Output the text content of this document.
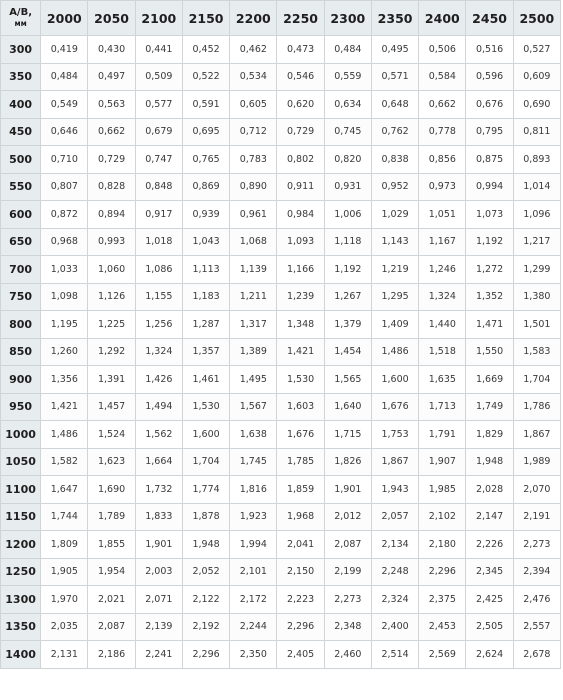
A/B,
мм	2000	2050	2100	2150	2200	2250	2300	2350	2400	2450	2500
300	0,419	0,430	0,441	0,452	0,462	0,473	0,484	0,495	0,506	0,516	0,527
350	0,484	0,497	0,509	0,522	0,534	0,546	0,559	0,571	0,584	0,596	0,609
400	0,549	0,563	0,577	0,591	0,605	0,620	0,634	0,648	0,662	0,676	0,690
450	0,646	0,662	0,679	0,695	0,712	0,729	0,745	0,762	0,778	0,795	0,811
500	0,710	0,729	0,747	0,765	0,783	0,802	0,820	0,838	0,856	0,875	0,893
550	0,807	0,828	0,848	0,869	0,890	0,911	0,931	0,952	0,973	0,994	1,014
600	0,872	0,894	0,917	0,939	0,961	0,984	1,006	1,029	1,051	1,073	1,096
650	0,968	0,993	1,018	1,043	1,068	1,093	1,118	1,143	1,167	1,192	1,217
700	1,033	1,060	1,086	1,113	1,139	1,166	1,192	1,219	1,246	1,272	1,299
750	1,098	1,126	1,155	1,183	1,211	1,239	1,267	1,295	1,324	1,352	1,380
800	1,195	1,225	1,256	1,287	1,317	1,348	1,379	1,409	1,440	1,471	1,501
850	1,260	1,292	1,324	1,357	1,389	1,421	1,454	1,486	1,518	1,550	1,583
900	1,356	1,391	1,426	1,461	1,495	1,530	1,565	1,600	1,635	1,669	1,704
950	1,421	1,457	1,494	1,530	1,567	1,603	1,640	1,676	1,713	1,749	1,786
1000	1,486	1,524	1,562	1,600	1,638	1,676	1,715	1,753	1,791	1,829	1,867
1050	1,582	1,623	1,664	1,704	1,745	1,785	1,826	1,867	1,907	1,948	1,989
1100	1,647	1,690	1,732	1,774	1,816	1,859	1,901	1,943	1,985	2,028	2,070
1150	1,744	1,789	1,833	1,878	1,923	1,968	2,012	2,057	2,102	2,147	2,191
1200	1,809	1,855	1,901	1,948	1,994	2,041	2,087	2,134	2,180	2,226	2,273
1250	1,905	1,954	2,003	2,052	2,101	2,150	2,199	2,248	2,296	2,345	2,394
1300	1,970	2,021	2,071	2,122	2,172	2,223	2,273	2,324	2,375	2,425	2,476
1350	2,035	2,087	2,139	2,192	2,244	2,296	2,348	2,400	2,453	2,505	2,557
1400	2,131	2,186	2,241	2,296	2,350	2,405	2,460	2,514	2,569	2,624	2,678
